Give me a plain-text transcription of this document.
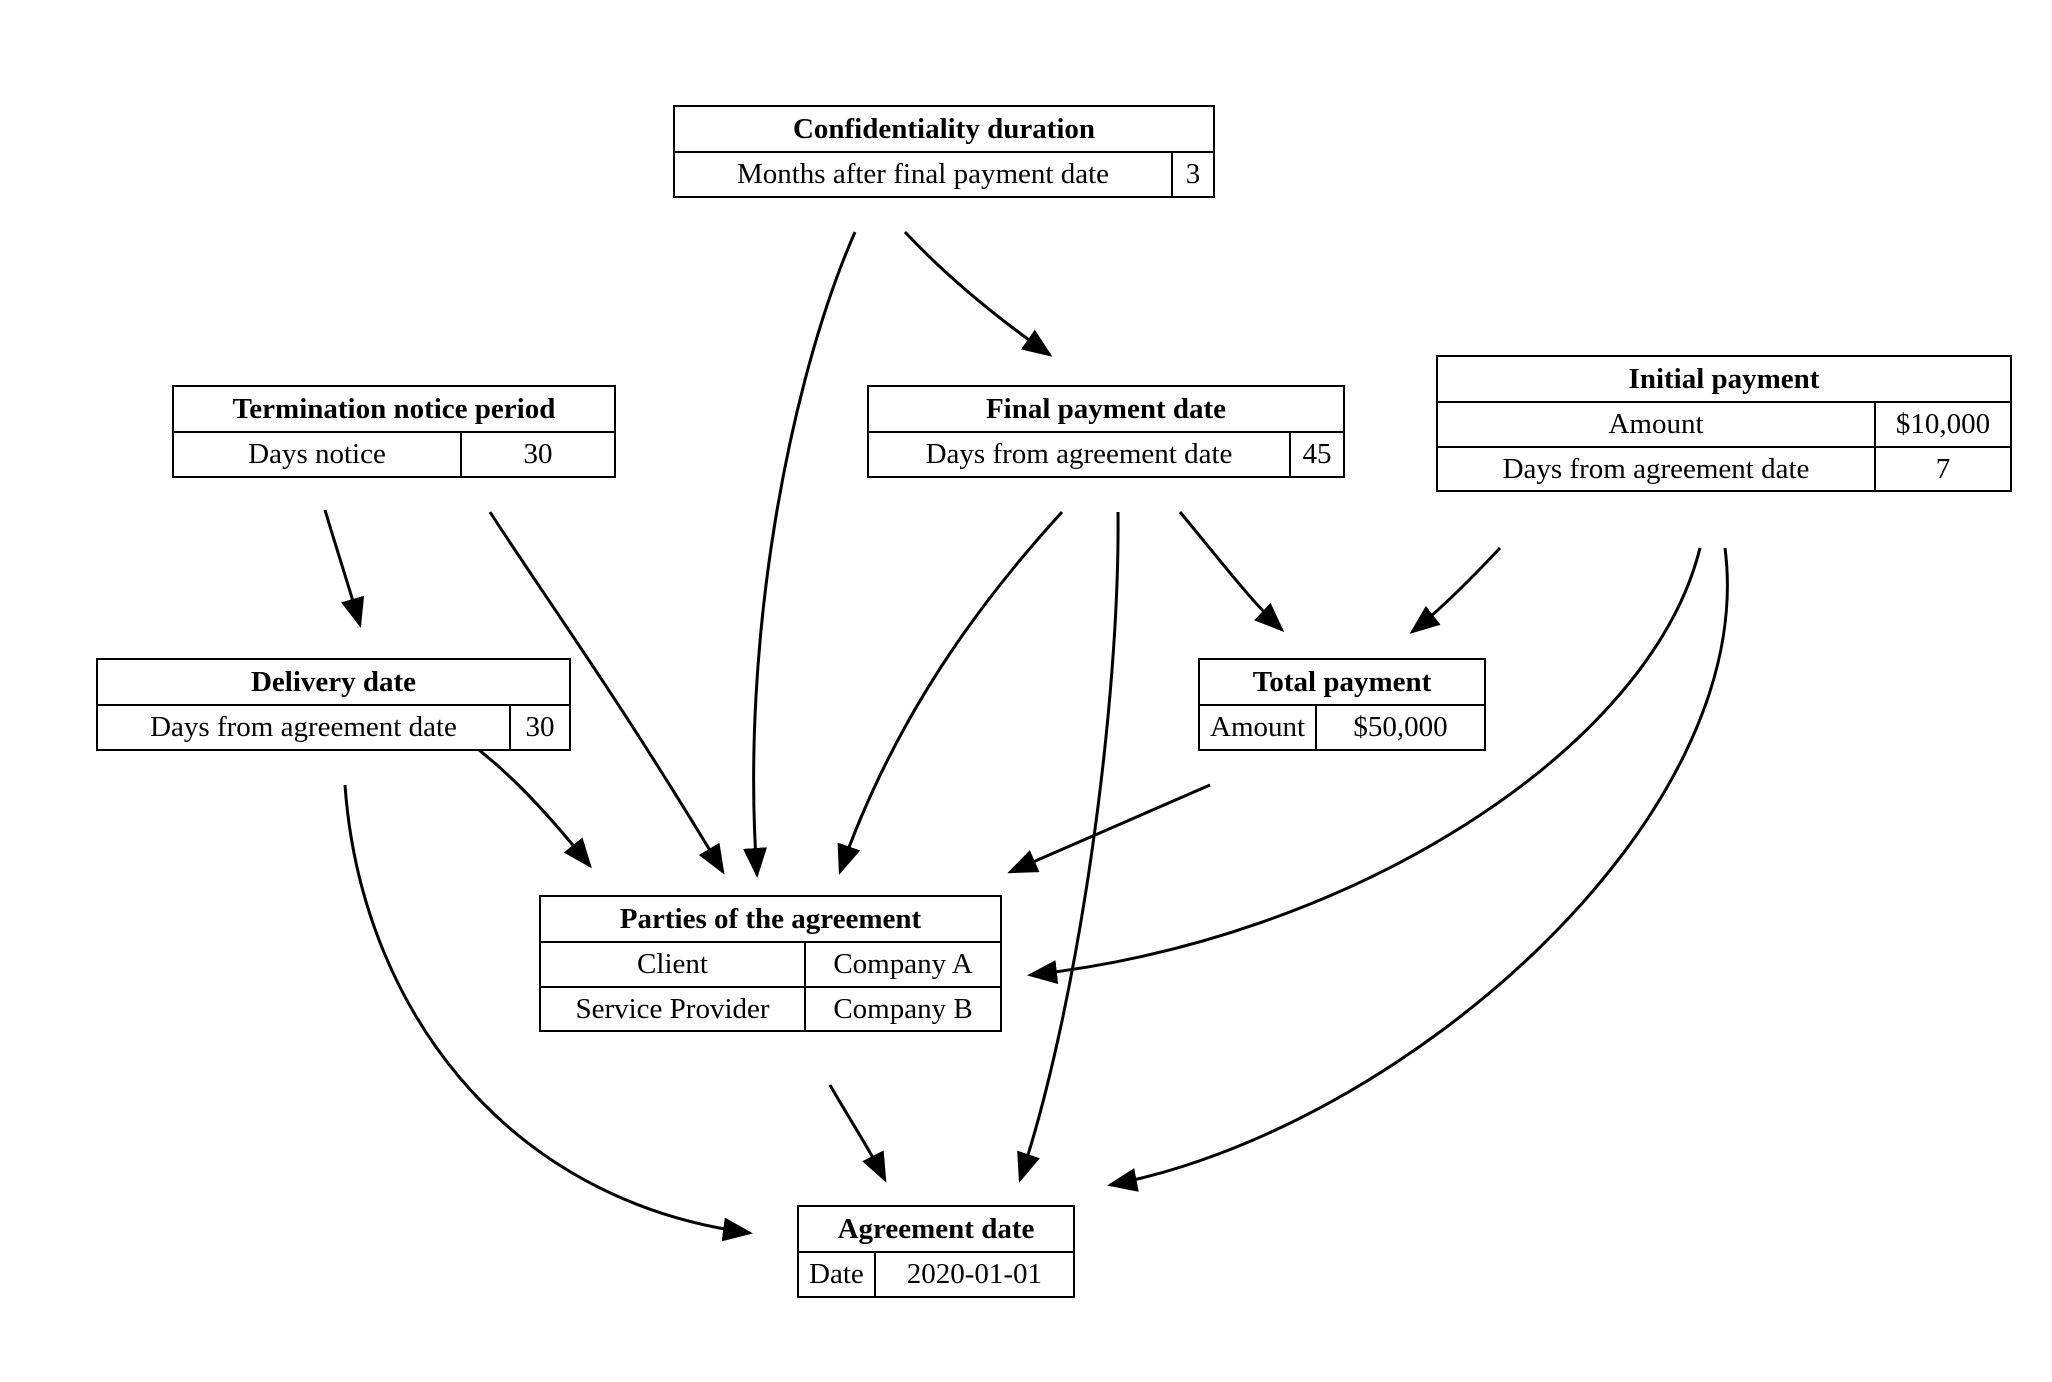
Confidentiality duration
Months after final payment date	3
Termination notice period
Days notice	30
Final payment date
Days from agreement date	45
Initial payment
Amount	$10,000
Days from agreement date	7
Delivery date
Days from agreement date	30
Total payment
Amount	$50,000
Parties of the agreement
Client	Company A
Service Provider	Company B
Agreement date
Date	2020-01-01
